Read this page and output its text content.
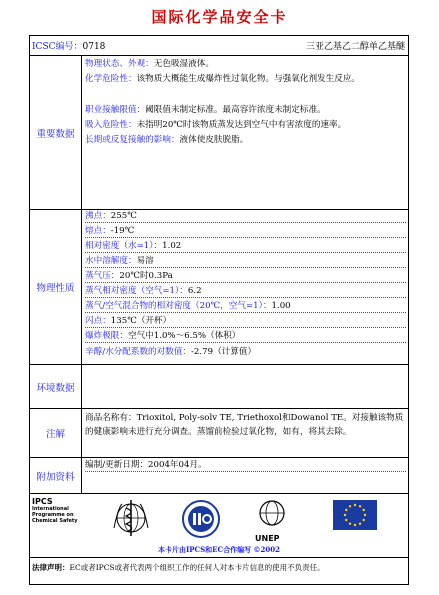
国际化学品安全卡
ICSC编号：0718	三亚乙基乙二醇单乙基醚
重要数据
物理状态、外观：无色吸湿液体。
化学危险性：该物质大概能生成爆炸性过氧化物。与强氧化剂发生反应。
职业接触限值：阈限值未制定标准。最高容许浓度未制定标准。
吸入危险性：未指明20℃时该物质蒸发达到空气中有害浓度的速率。
长期或反复接触的影响：液体使皮肤脱脂。
物理性质
沸点：255℃
熔点：-19℃
相对密度（水=1）：1.02
水中溶解度：易溶
蒸气压：20℃时0.3Pa
蒸气相对密度（空气=1）：6.2
蒸气/空气混合物的相对密度（20℃，空气=1）：1.00
闪点：135℃（开杯）
爆炸极限：空气中1.0%～6.5%（体积）
辛醇/水分配系数的对数值：-2.79（计算值）
环境数据
注解
商品名称有：Trioxitol, Poly-solv TE, Triethoxol和Dowanol TE。对接触该物质的健康影响未进行充分调查。蒸馏前检验过氧化物，如有，将其去除。
附加资料
编制/更新日期：2004年04月。
IPCS
International
Programme on
Chemical Safety
UNEP
本卡片由IPCS和EC合作编写 ©2002
法律声明：EC或者IPCS或者代表两个组织工作的任何人对本卡片信息的使用不负责任。
